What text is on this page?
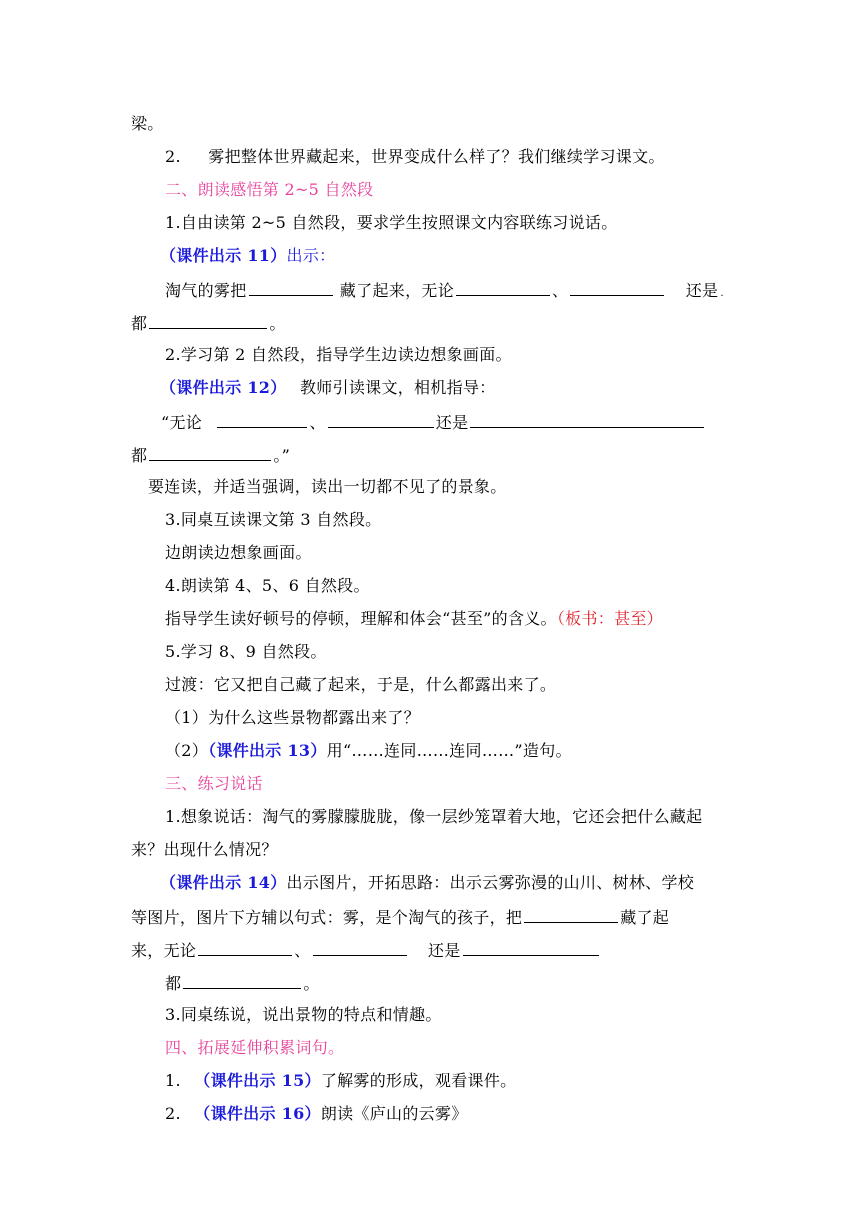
梁。
2. 雾把整体世界藏起来，世界变成什么样了？我们继续学习课文。
二、朗读感悟第 2~5 自然段
1.自由读第 2~5 自然段，要求学生按照课文内容联练习说话。
（课件出示 11）出示：
淘气的雾把	藏了起来，无论	、	还是 .
都	。
2.学习第 2 自然段，指导学生边读边想象画面。
（课件出示 12） 教师引读课文，相机指导：
“无论	、	还是
都	。”
要连读，并适当强调，读出一切都不见了的景象。
3.同桌互读课文第 3 自然段。
边朗读边想象画面。
4.朗读第 4、5、6 自然段。
指导学生读好顿号的停顿，理解和体会“甚至”的含义。（板书：甚至）
5.学习 8、9 自然段。
过渡：它又把自己藏了起来，于是，什么都露出来了。
（1）为什么这些景物都露出来了？
（2）（课件出示 13）用“……连同……连同……”造句。
三、练习说话
1.想象说话：淘气的雾朦朦胧胧，像一层纱笼罩着大地，它还会把什么藏起
来？出现什么情况？
（课件出示 14）出示图片，开拓思路：出示云雾弥漫的山川、树林、学校
等图片，图片下方辅以句式：雾，是个淘气的孩子，把	藏了起
来，无论	、	还是
都	。
3.同桌练说，说出景物的特点和情趣。
四、拓展延伸积累词句。
1. （课件出示 15）了解雾的形成，观看课件。
2. （课件出示 16）朗读《庐山的云雾》
